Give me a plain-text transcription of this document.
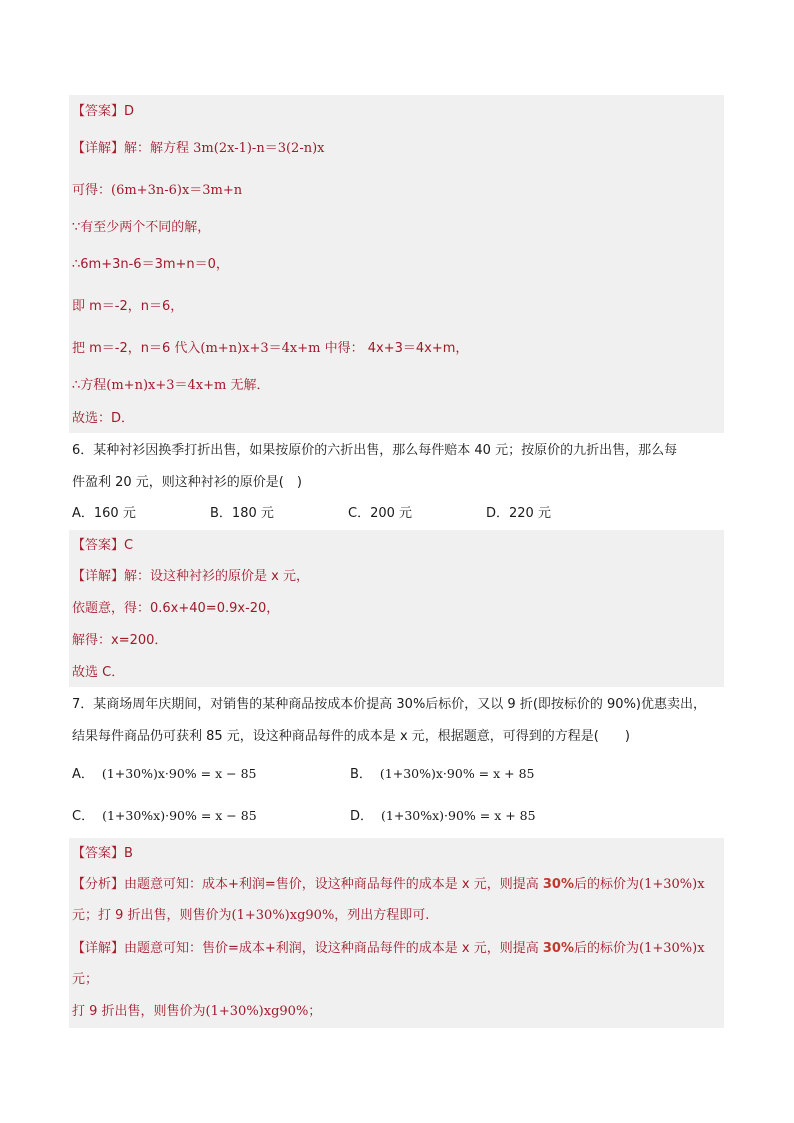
【答案】D
【详解】解：解方程 3m(2x-1)-n＝3(2-n)x
可得：(6m+3n-6)x＝3m+n
∵有至少两个不同的解，
∴6m+3n-6＝3m+n＝0，
即 m＝-2，n＝6，
把 m＝-2，n＝6 代入(m+n)x+3＝4x+m 中得： 4x+3＝4x+m，
∴方程(m+n)x+3＝4x+m 无解．
故选：D．
6．某种衬衫因换季打折出售，如果按原价的六折出售，那么每件赔本 40 元；按原价的九折出售，那么每
件盈利 20 元，则这种衬衫的原价是(　)
A．160 元	B．180 元	C．200 元	D．220 元
【答案】C
【详解】解：设这种衬衫的原价是 x 元，
依题意，得：0.6x+40=0.9x-20，
解得：x=200．
故选 C．
7．某商场周年庆期间，对销售的某种商品按成本价提高 30%后标价，又以 9 折(即按标价的 90%)优惠卖出，
结果每件商品仍可获利 85 元，设这种商品每件的成本是 x 元，根据题意，可得到的方程是(　　)
A． (1+30%)x·90% = x − 85	B． (1+30%)x·90% = x + 85
C． (1+30%x)·90% = x − 85	D． (1+30%x)·90% = x + 85
【答案】B
【分析】由题意可知：成本+利润=售价，设这种商品每件的成本是 x 元，则提高 30%后的标价为(1+30%)x
元；打 9 折出售，则售价为(1+30%)xg90%，列出方程即可.
【详解】由题意可知：售价=成本+利润，设这种商品每件的成本是 x 元，则提高 30%后的标价为(1+30%)x
元；
打 9 折出售，则售价为(1+30%)xg90%；
